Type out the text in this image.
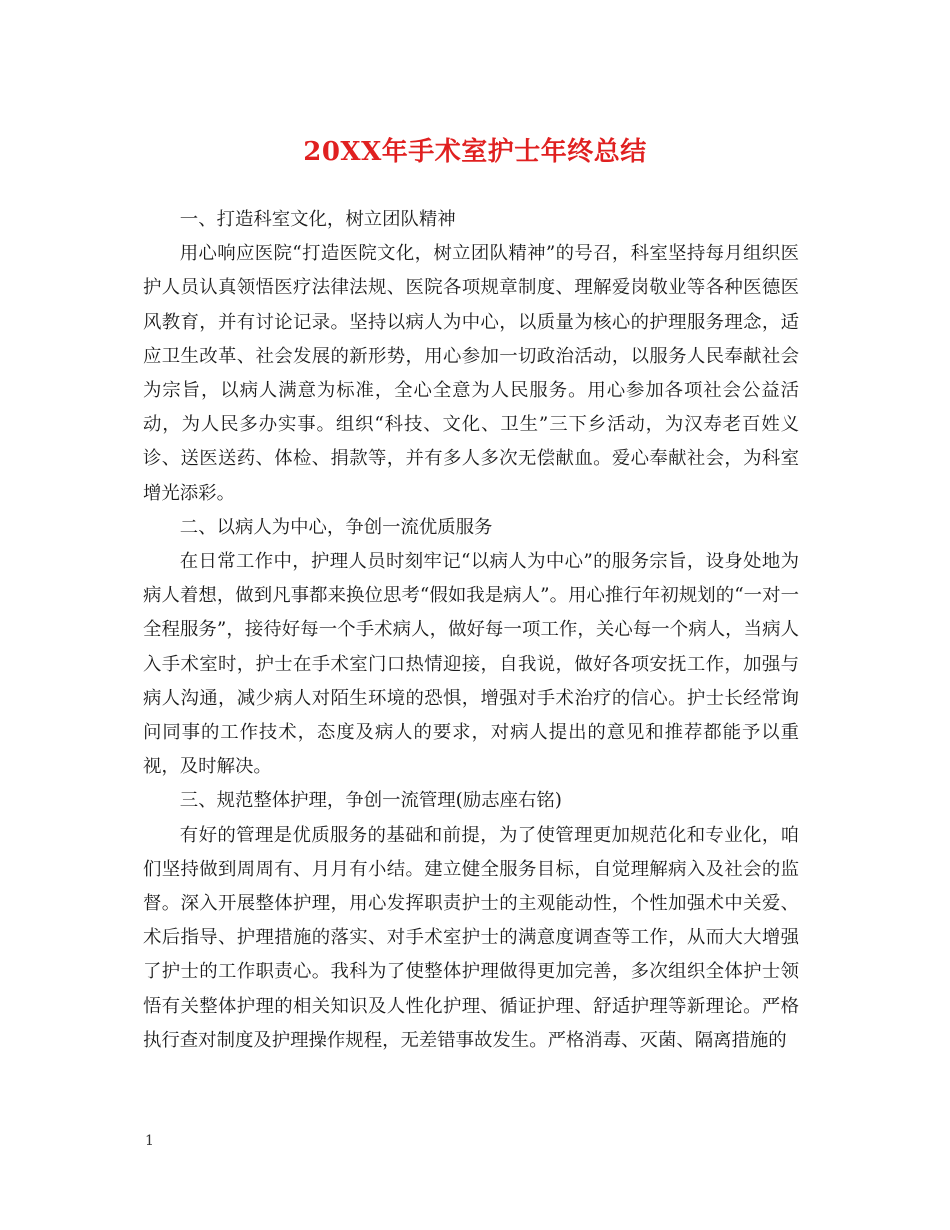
20XX年手术室护士年终总结

一、打造科室文化，树立团队精神

用心响应医院“打造医院文化，树立团队精神”的号召，科室坚持每月组织医护人员认真领悟医疗法律法规、医院各项规章制度、理解爱岗敬业等各种医德医风教育，并有讨论记录。坚持以病人为中心，以质量为核心的护理服务理念，适应卫生改革、社会发展的新形势，用心参加一切政治活动，以服务人民奉献社会为宗旨，以病人满意为标准，全心全意为人民服务。用心参加各项社会公益活动，为人民多办实事。组织“科技、文化、卫生”三下乡活动，为汉寿老百姓义诊、送医送药、体检、捐款等，并有多人多次无偿献血。爱心奉献社会，为科室增光添彩。

二、以病人为中心，争创一流优质服务

在日常工作中，护理人员时刻牢记“以病人为中心”的服务宗旨，设身处地为病人着想，做到凡事都来换位思考“假如我是病人”。用心推行年初规划的“一对一全程服务”，接待好每一个手术病人，做好每一项工作，关心每一个病人，当病人入手术室时，护士在手术室门口热情迎接，自我说，做好各项安抚工作，加强与病人沟通，减少病人对陌生环境的恐惧，增强对手术治疗的信心。护士长经常询问同事的工作技术，态度及病人的要求，对病人提出的意见和推荐都能予以重视，及时解决。

三、规范整体护理，争创一流管理(励志座右铭)

有好的管理是优质服务的基础和前提，为了使管理更加规范化和专业化，咱们坚持做到周周有、月月有小结。建立健全服务目标，自觉理解病入及社会的监督。深入开展整体护理，用心发挥职责护士的主观能动性，个性加强术中关爱、术后指导、护理措施的落实、对手术室护士的满意度调查等工作，从而大大增强了护士的工作职责心。我科为了使整体护理做得更加完善，多次组织全体护士领悟有关整体护理的相关知识及人性化护理、循证护理、舒适护理等新理论。严格执行查对制度及护理操作规程，无差错事故发生。严格消毒、灭菌、隔离措施的

1
